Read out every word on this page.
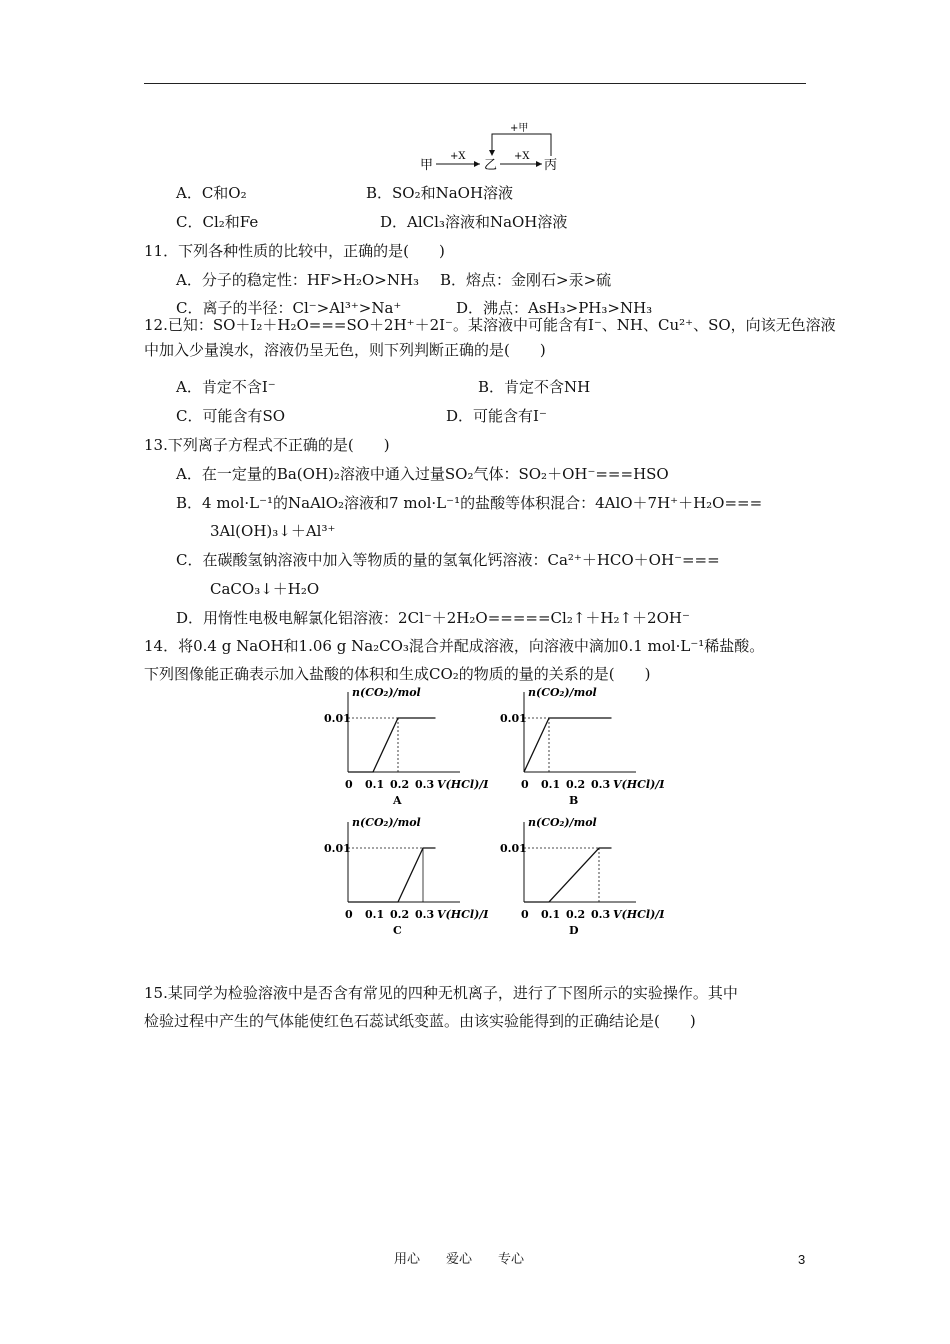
甲
+X
乙
+X
丙
+甲
A．C和O₂	B．SO₂和NaOH溶液
C．Cl₂和Fe	D．AlCl₃溶液和NaOH溶液
11．下列各种性质的比较中，正确的是(　　)
A．分子的稳定性：HF>H₂O>NH₃ B．熔点：金刚石>汞>硫
C．离子的半径：Cl⁻>Al³⁺>Na⁺	D．沸点：AsH₃>PH₃>NH₃
12.已知：SO＋I₂＋H₂O===SO＋2H⁺＋2I⁻。某溶液中可能含有I⁻、NH、Cu²⁺、SO，向该无色溶液
中加入少量溴水，溶液仍呈无色，则下列判断正确的是(　　)
A．肯定不含I⁻	B．肯定不含NH
C．可能含有SO	D．可能含有I⁻
13.下列离子方程式不正确的是(　　)
A．在一定量的Ba(OH)₂溶液中通入过量SO₂气体：SO₂＋OH⁻===HSO
B．4 mol·L⁻¹的NaAlO₂溶液和7 mol·L⁻¹的盐酸等体积混合：4AlO＋7H⁺＋H₂O===
3Al(OH)₃↓＋Al³⁺
C．在碳酸氢钠溶液中加入等物质的量的氢氧化钙溶液：Ca²⁺＋HCO＋OH⁻===
CaCO₃↓＋H₂O
D．用惰性电极电解氯化铝溶液：2Cl⁻＋2H₂O=====Cl₂↑＋H₂↑＋2OH⁻
14．将0.4 g NaOH和1.06 g Na₂CO₃混合并配成溶液，向溶液中滴加0.1 mol·L⁻¹稀盐酸。
下列图像能正确表示加入盐酸的体积和生成CO₂的物质的量的关系的是(　　)
n(CO₂)/mol
0.01
0 0.1 0.2 0.3 V(HCl)/L
A
n(CO₂)/mol
0.01
0 0.1 0.2 0.3 V(HCl)/L
B
n(CO₂)/mol
0.01
0 0.1 0.2 0.3 V(HCl)/L
C
n(CO₂)/mol
0.01
0 0.1 0.2 0.3 V(HCl)/L
D
15.某同学为检验溶液中是否含有常见的四种无机离子，进行了下图所示的实验操作。其中
检验过程中产生的气体能使红色石蕊试纸变蓝。由该实验能得到的正确结论是(　　)
用心　　爱心　　专心	3
